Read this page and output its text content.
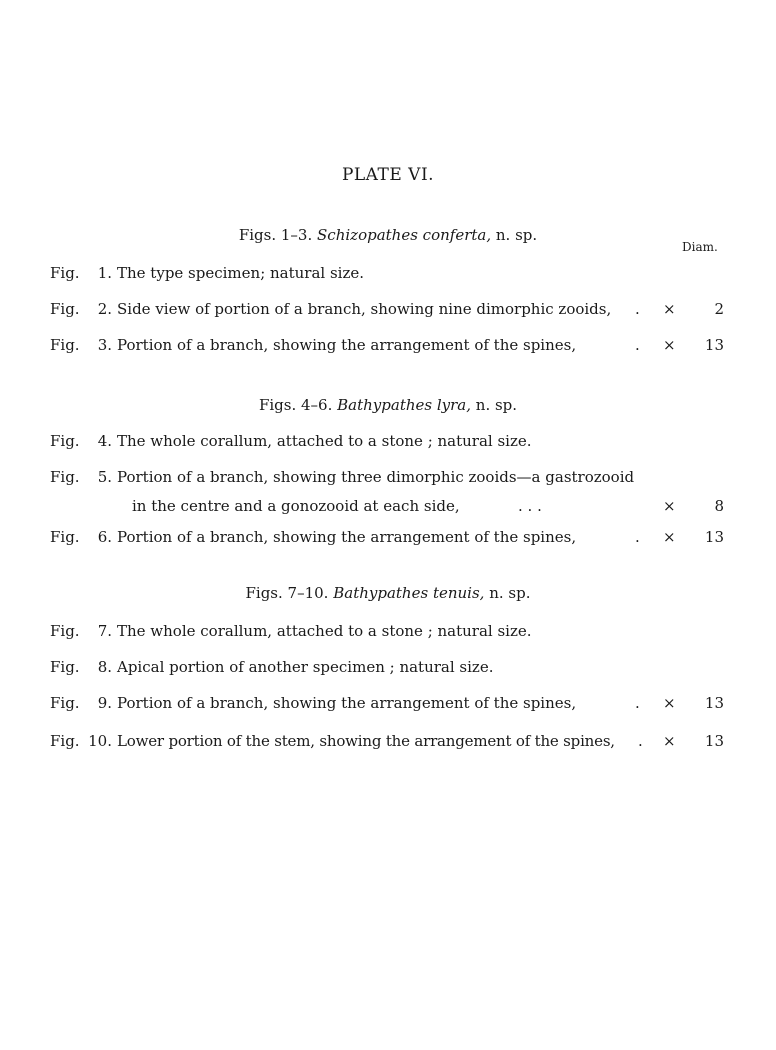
PLATE VI.
Diam.
Figs. 1–3. Schizopathes conferta, n. sp.
Fig.	1. The type specimen; natural size.
Fig.	2. Side view of portion of a branch, showing nine dimorphic zooids, . ×	2
Fig.	3. Portion of a branch, showing the arrangement of the spines,	. ×	13
Figs. 4–6. Bathypathes lyra, n. sp.
Fig.	4. The whole corallum, attached to a stone ; natural size.
Fig.	5. Portion of a branch, showing three dimorphic zooids—a gastrozooid
in the centre and a gonozooid at each side,	. . .	×	8
Fig.	6. Portion of a branch, showing the arrangement of the spines,	. ×	13
Figs. 7–10. Bathypathes tenuis, n. sp.
Fig.	7. The whole corallum, attached to a stone ; natural size.
Fig.	8. Apical portion of another specimen ; natural size.
Fig.	9. Portion of a branch, showing the arrangement of the spines,	. ×	13
Fig. 10. Lower portion of the stem, showing the arrangement of the spines, . ×	13
